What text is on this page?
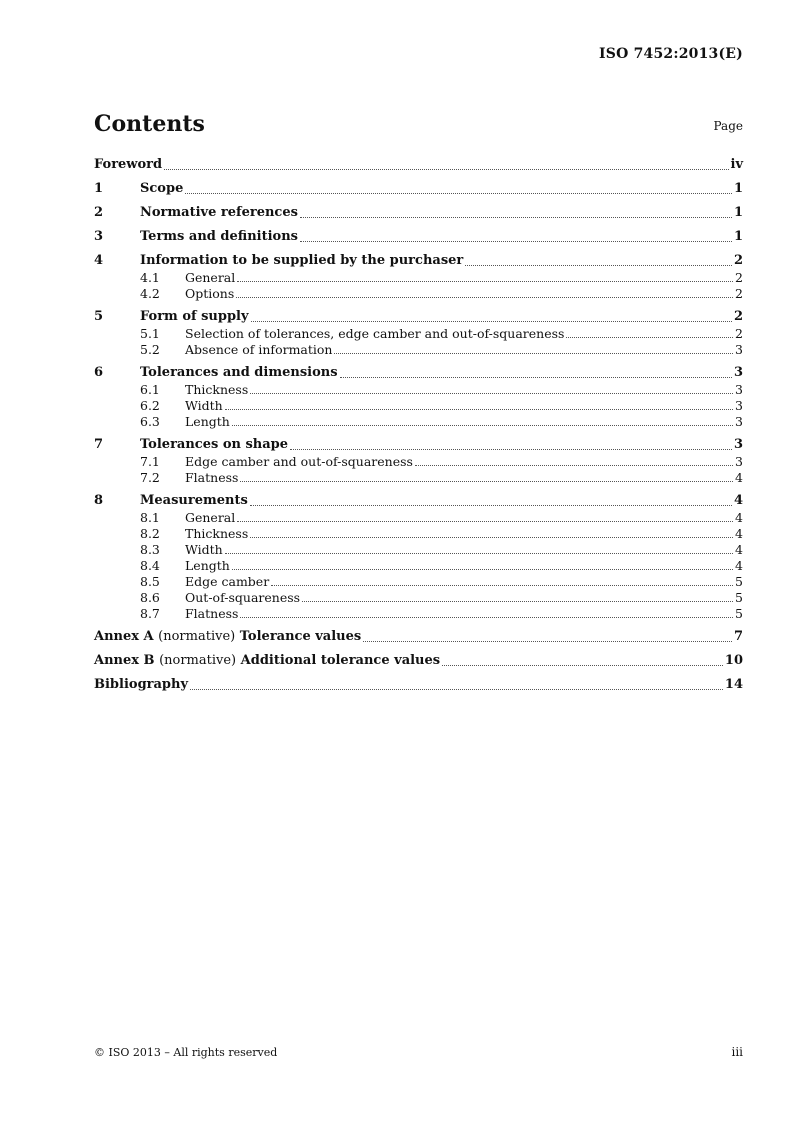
ISO 7452:2013(E)
Contents	Page
Foreword	iv
1	Scope	1
2	Normative references	1
3	Terms and definitions	1
4	Information to be supplied by the purchaser	2
4.1	General	2
4.2	Options	2
5	Form of supply	2
5.1	Selection of tolerances, edge camber and out-of-squareness	2
5.2	Absence of information	3
6	Tolerances and dimensions	3
6.1	Thickness	3
6.2	Width	3
6.3	Length	3
7	Tolerances on shape	3
7.1	Edge camber and out-of-squareness	3
7.2	Flatness	4
8	Measurements	4
8.1	General	4
8.2	Thickness	4
8.3	Width	4
8.4	Length	4
8.5	Edge camber	5
8.6	Out-of-squareness	5
8.7	Flatness	5
Annex A (normative) Tolerance values	7
Annex B (normative) Additional tolerance values	10
Bibliography	14
© ISO 2013 – All rights reserved	iii
